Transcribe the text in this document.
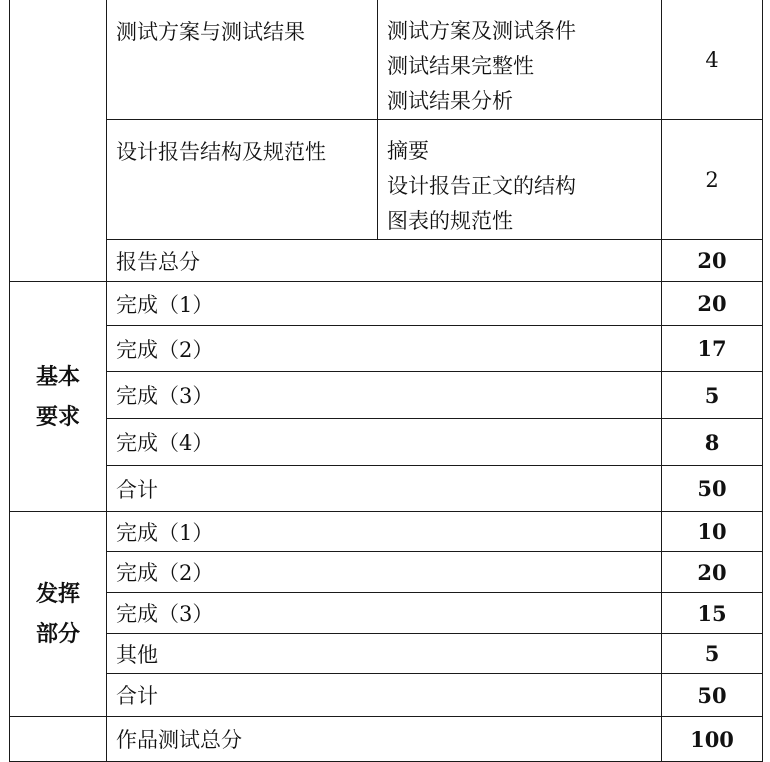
	测试方案与测试结果	测试方案及测试条件
测试结果完整性
测试结果分析	4
	设计报告结构及规范性	摘要
设计报告正文的结构
图表的规范性	2
	报告总分		20

基本
要求	完成（1）		20
	完成（2）		17
	完成（3）		5
	完成（4）		8
	合计		50

发挥
部分	完成（1）		10
	完成（2）		20
	完成（3）		15
	其他		5
	合计		50
	作品测试总分		100
